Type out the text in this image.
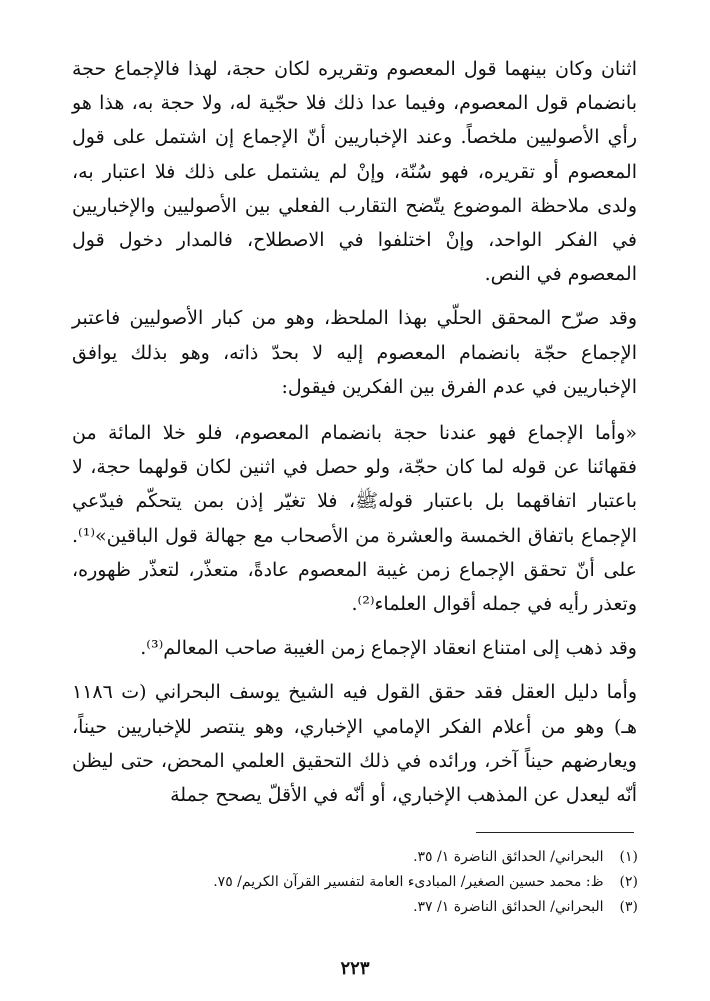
اثنان وكان بينهما قول المعصوم وتقريره لكان حجة، لهذا فالإجماع حجة بانضمام قول المعصوم، وفيما عدا ذلك فلا حجّية له، ولا حجة به، هذا هو رأي الأصوليين ملخصاً. وعند الإخباريين أنّ الإجماع إن اشتمل على قول المعصوم أو تقريره، فهو سُنّة، وإنْ لم يشتمل على ذلك فلا اعتبار به، ولدى ملاحظة الموضوع يتّضح التقارب الفعلي بين الأصوليين والإخباريين في الفكر الواحد، وإنْ اختلفوا في الاصطلاح، فالمدار دخول قول المعصوم في النص.

وقد صرّح المحقق الحلّي بهذا الملحظ، وهو من كبار الأصوليين فاعتبر الإجماع حجّة بانضمام المعصوم إليه لا بحدّ ذاته، وهو بذلك يوافق الإخباريين في عدم الفرق بين الفكرين فيقول:

«وأما الإجماع فهو عندنا حجة بانضمام المعصوم، فلو خلا المائة من فقهائنا عن قوله لما كان حجّة، ولو حصل في اثنين لكان قولهما حجة، لا باعتبار اتفاقهما بل باعتبار قولهﷺ، فلا تغيّر إذن بمن يتحكّم فيدّعي الإجماع باتفاق الخمسة والعشرة من الأصحاب مع جهالة قول الباقين»⁽¹⁾. على أنّ تحقق الإجماع زمن غيبة المعصوم عادةً، متعذّر، لتعذّر ظهوره، وتعذر رأيه في جمله أقوال العلماء⁽²⁾.

وقد ذهب إلى امتناع انعقاد الإجماع زمن الغيبة صاحب المعالم⁽³⁾.

وأما دليل العقل فقد حقق القول فيه الشيخ يوسف البحراني (ت ١١٨٦ هـ) وهو من أعلام الفكر الإمامي الإخباري، وهو ينتصر للإخباريين حيناً، ويعارضهم حيناً آخر، ورائده في ذلك التحقيق العلمي المحض، حتى ليظن أنّه ليعدل عن المذهب الإخباري، أو أنّه في الأقلّ يصحح جملة

(١) البحراني/ الحدائق الناضرة ١/ ٣٥.
(٢) ظ: محمد حسين الصغير/ المبادىء العامة لتفسير القرآن الكريم/ ٧٥.
(٣) البحراني/ الحدائق الناضرة ١/ ٣٧.
٢٢٣
